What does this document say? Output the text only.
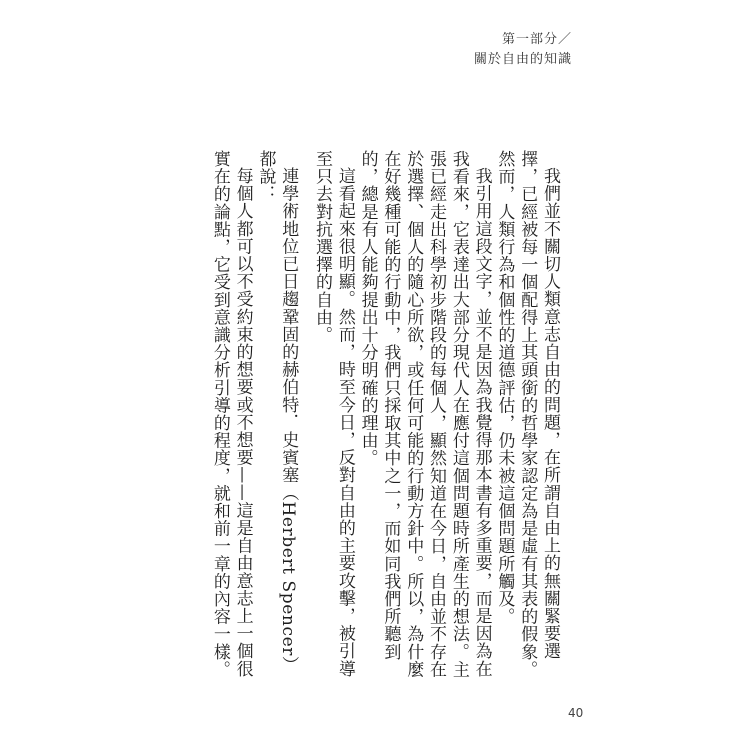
第一部分／
關於自由的知識

我們並不關切人類意志自由的問題，在所謂自由上的無關緊要選擇，已經被每一個配得上其頭銜的哲學家認定為是虛有其表的假象。然而，人類行為和個性的道德評估，仍未被這個問題所觸及。

我引用這段文字，並不是因為我覺得那本書有多重要，而是因為在我看來，它表達出大部分現代人在應付這個問題時所產生的想法。主張已經走出科學初步階段的每個人，顯然知道在今日，自由並不存在於選擇、個人的隨心所欲，或任何可能的行動方針中。所以，為什麼在好幾種可能的行動中，我們只採取其中之一，而如同我們所聽到的，總是有人能夠提出十分明確的理由。

這看起來很明顯。然而，時至今日，反對自由的主要攻擊，被引導至只去對抗選擇的自由。

連學術地位已日趨鞏固的赫伯特．史賓塞（Herbert Spencer）都說：

每個人都可以不受約束的想要或不想要——這是自由意志上一個很實在的論點，它受到意識分析引導的程度，就和前一章的內容一樣。

40
